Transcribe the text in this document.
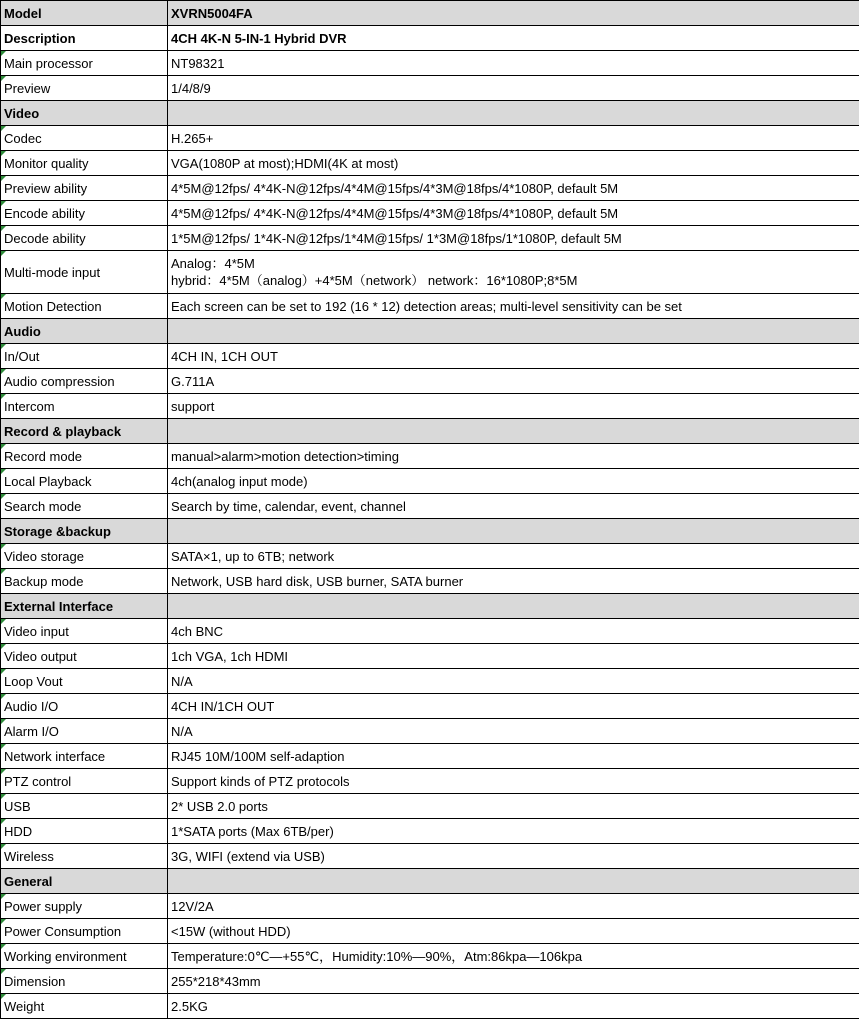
Model	XVRN5004FA

Description	4CH 4K-N 5-IN-1 Hybrid DVR

Main processor	NT98321

Preview	1/4/8/9

Video	

Codec	H.265+

Monitor quality	VGA(1080P at most);HDMI(4K at most)

Preview ability	4*5M@12fps/ 4*4K-N@12fps/4*4M@15fps/4*3M@18fps/4*1080P, default 5M

Encode ability	4*5M@12fps/ 4*4K-N@12fps/4*4M@15fps/4*3M@18fps/4*1080P, default 5M

Decode ability	1*5M@12fps/ 1*4K-N@12fps/1*4M@15fps/ 1*3M@18fps/1*1080P, default 5M

Multi-mode input	Analog：4*5M
hybrid：4*5M（analog）+4*5M（network） network：16*1080P;8*5M

Motion Detection	Each screen can be set to 192 (16 * 12) detection areas; multi-level sensitivity can be set

Audio	

In/Out	4CH IN, 1CH OUT

Audio compression	G.711A

Intercom	support

Record & playback	

Record mode	manual>alarm>motion detection>timing

Local Playback	4ch(analog input mode)

Search mode	Search by time, calendar, event, channel

Storage &backup	

Video storage	SATA×1, up to 6TB; network

Backup mode	Network, USB hard disk, USB burner, SATA burner

External Interface	

Video input	4ch BNC

Video output	1ch VGA, 1ch HDMI

Loop Vout	N/A

Audio I/O	4CH IN/1CH OUT

Alarm I/O	N/A

Network interface	RJ45 10M/100M self-adaption

PTZ control	Support kinds of PTZ protocols

USB	2* USB 2.0 ports

HDD	1*SATA ports (Max 6TB/per)

Wireless	3G, WIFI (extend via USB)

General	

Power supply	12V/2A

Power Consumption	<15W (without HDD)

Working environment	Temperature:0℃—+55℃，Humidity:10%—90%，Atm:86kpa—106kpa

Dimension	255*218*43mm

Weight	2.5KG
